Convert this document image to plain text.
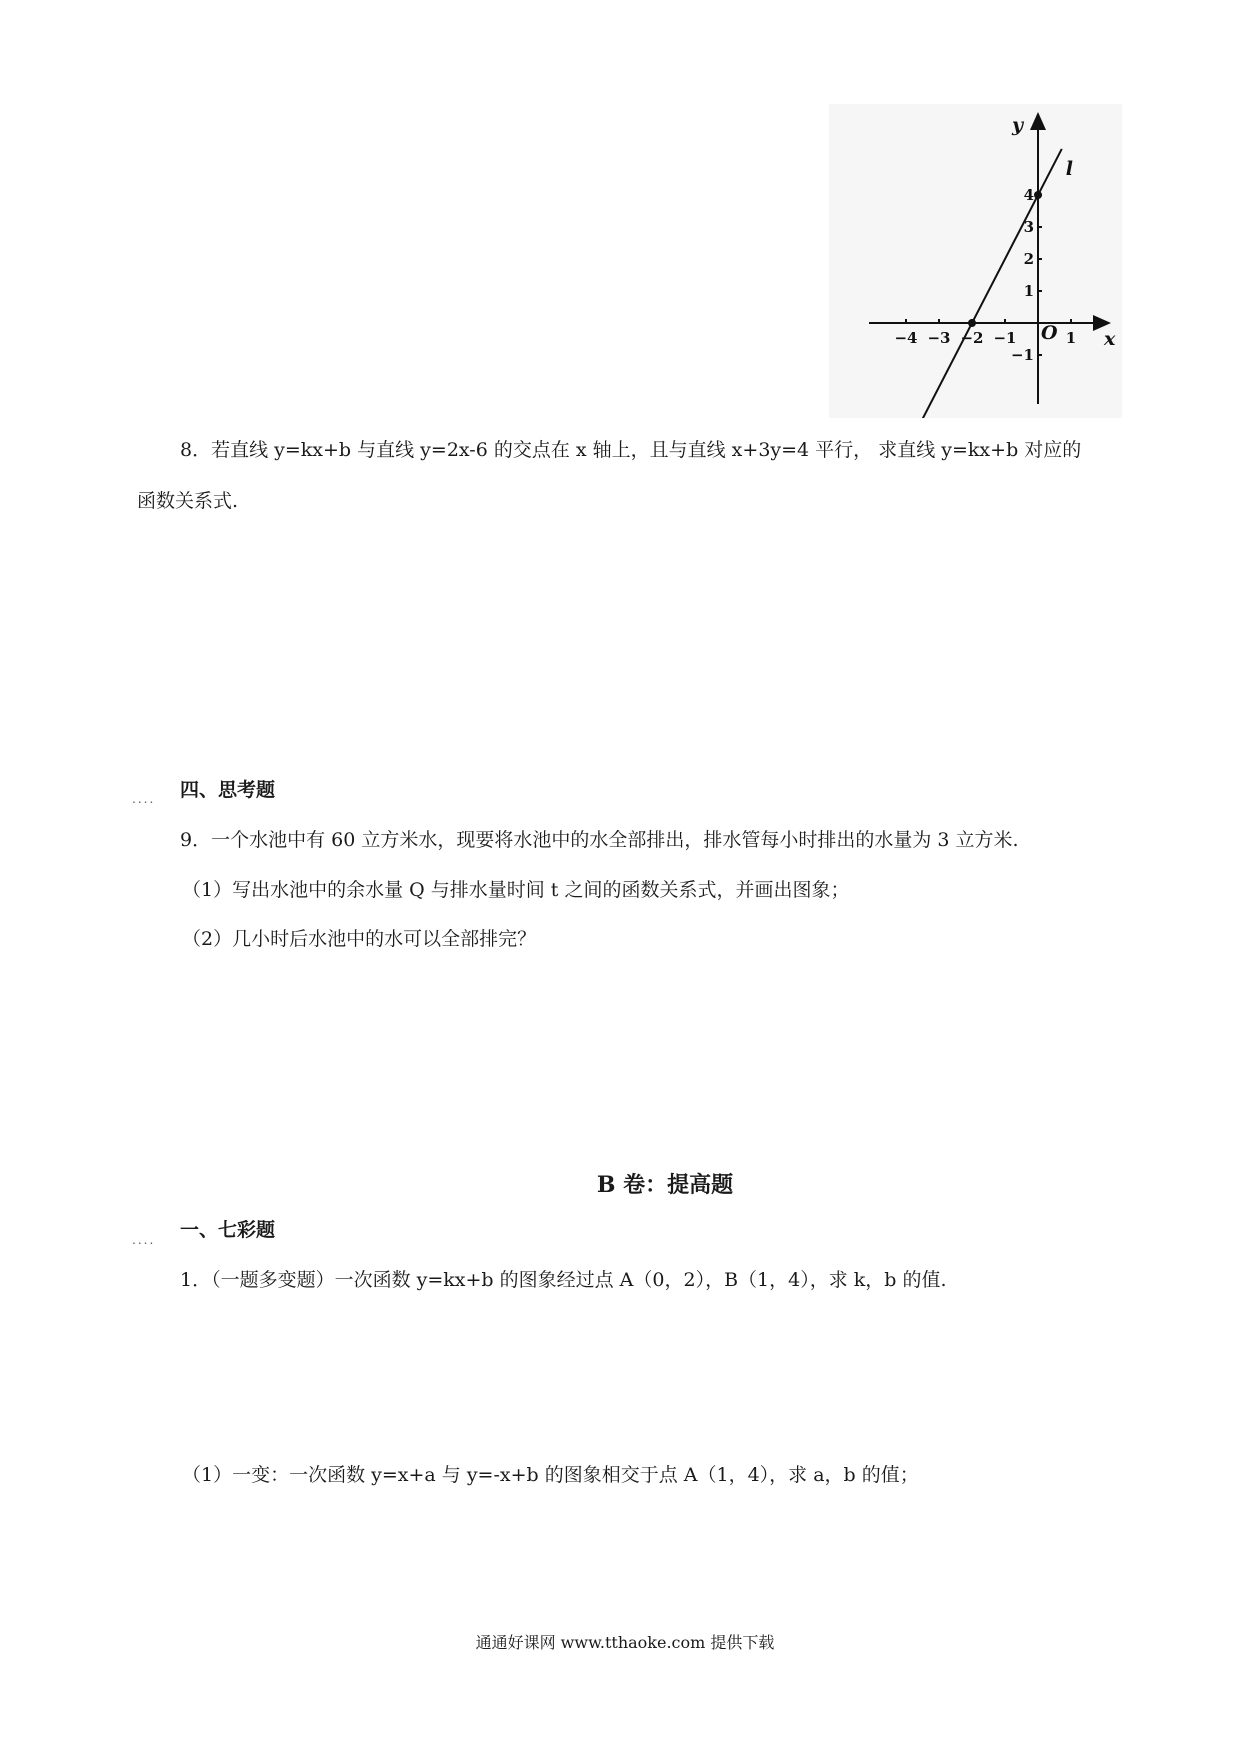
−4 −3 −2 −1	1
4
3
2
1
−1
x
y
O
l
8．若直线 y=kx+b 与直线 y=2x-6 的交点在 x 轴上，且与直线 x+3y=4 平行， 求直线 y=kx+b 对应的
函数关系式.
.... 四、思考题
9．一个水池中有 60 立方米水，现要将水池中的水全部排出，排水管每小时排出的水量为 3 立方米.
（1）写出水池中的余水量 Q 与排水量时间 t 之间的函数关系式，并画出图象；
（2）几小时后水池中的水可以全部排完？
B 卷：提高题
.... 一、七彩题
1．（一题多变题）一次函数 y=kx+b 的图象经过点 A（0，2），B（1，4），求 k，b 的值.
（1）一变：一次函数 y=x+a 与 y=-x+b 的图象相交于点 A（1，4），求 a，b 的值；
通通好课网 www.tthaoke.com 提供下载
